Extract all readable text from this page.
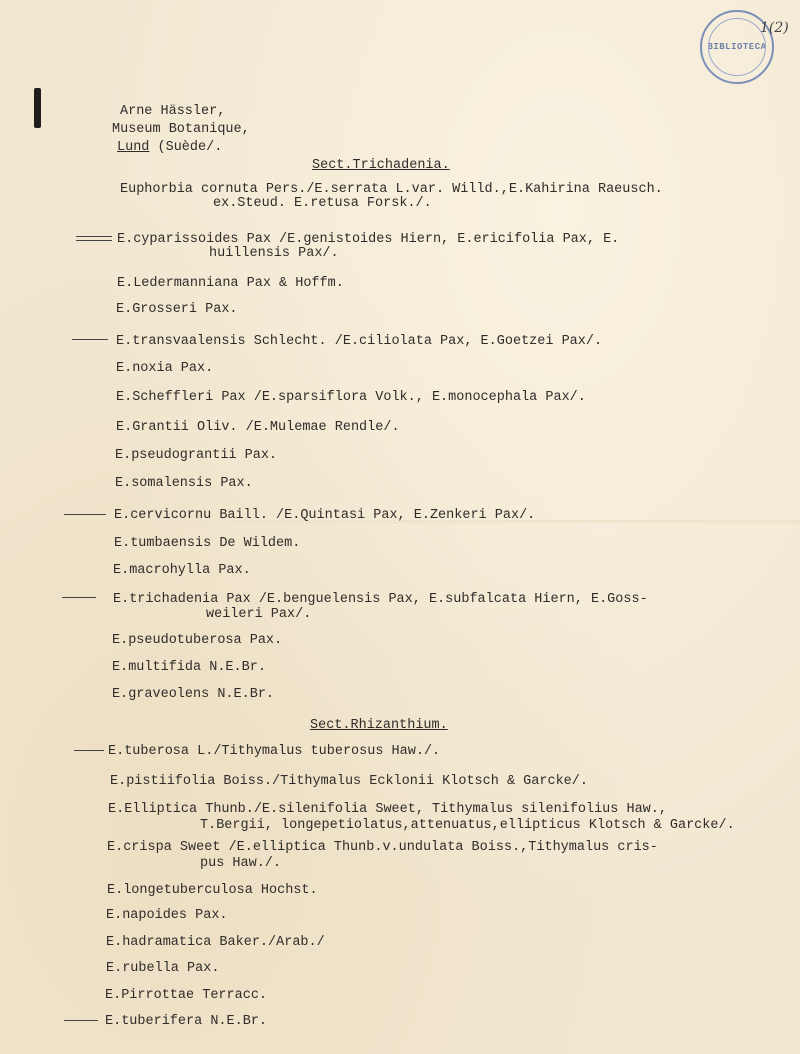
BIBLIOTECA
1(2)
Arne Hässler,
Museum Botanique,
Lund (Suède/.
Sect.Trichadenia.
Euphorbia cornuta Pers./E.serrata L.var. Willd.,E.Kahirina Raeusch.
ex.Steud. E.retusa Forsk./.
E.cyparissoides Pax /E.genistoides Hiern, E.ericifolia Pax, E.
huillensis Pax/.
E.Ledermanniana Pax & Hoffm.
E.Grosseri Pax.
E.transvaalensis Schlecht. /E.ciliolata Pax, E.Goetzei Pax/.
E.noxia Pax.
E.Scheffleri Pax /E.sparsiflora Volk., E.monocephala Pax/.
E.Grantii Oliv. /E.Mulemae Rendle/.
E.pseudograntii Pax.
E.somalensis Pax.
E.cervicornu Baill. /E.Quintasi Pax, E.Zenkeri Pax/.
E.tumbaensis De Wildem.
E.macrohylla Pax.
E.trichadenia Pax /E.benguelensis Pax, E.subfalcata Hiern, E.Goss-
weileri Pax/.
E.pseudotuberosa Pax.
E.multifida N.E.Br.
E.graveolens N.E.Br.
Sect.Rhizanthium.
E.tuberosa L./Tithymalus tuberosus Haw./.
E.pistiifolia Boiss./Tithymalus Ecklonii Klotsch & Garcke/.
E.Elliptica Thunb./E.silenifolia Sweet, Tithymalus silenifolius Haw.,
T.Bergii, longepetiolatus,attenuatus,ellipticus Klotsch & Garcke/.
E.crispa Sweet /E.elliptica Thunb.v.undulata Boiss.,Tithymalus cris-
pus Haw./.
E.longetuberculosa Hochst.
E.napoides Pax.
E.hadramatica Baker./Arab./
E.rubella Pax.
E.Pirrottae Terracc.
E.tuberifera N.E.Br.
